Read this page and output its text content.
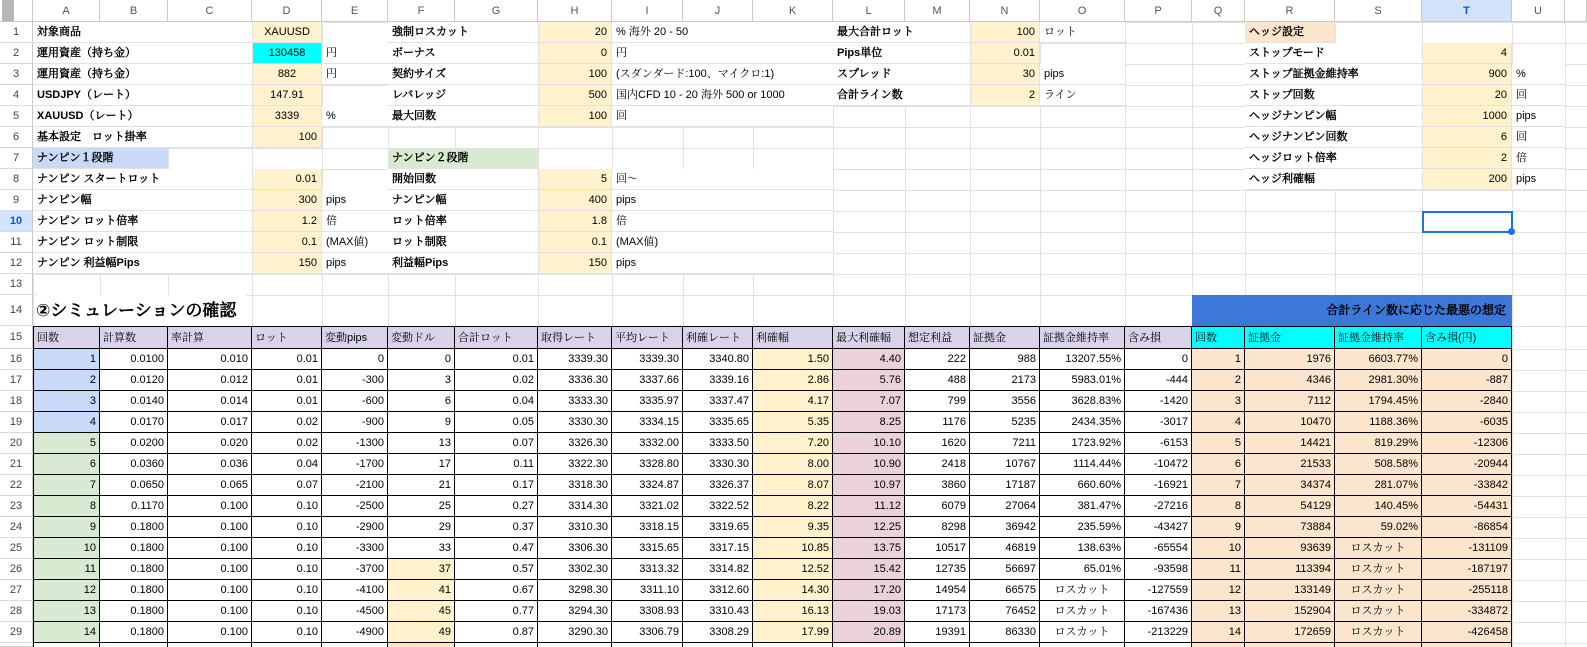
ナンピン１段階
対象商品	XAUUSD
運用資産（持ち金）	130458	円
運用資産（持ち金）	882	円
USDJPY（レート）	147.91
XAUUSD（レート）	3339	%
基本設定　ロット掛率	100
ナンピン スタートロット	0.01
ナンピン幅	300 pips
ナンピン ロット倍率	1.2 倍
ナンピン ロット制限	0.1 (MAX値)
ナンピン 利益幅Pips	150 pips
ナンピン２段階
強制ロスカット	20 % 海外 20 - 50
ボーナス	0 円
契約サイズ	100 (スダンダード:100、マイクロ:1)
レバレッジ	500 国内CFD 10 - 20 海外 500 or 1000
最大回数	100 回
開始回数	5 回〜
ナンピン幅	400 pips
ロット倍率	1.8 倍
ロット制限	0.1 (MAX値)
利益幅Pips	150 pips
最大合計ロット	100 ロット
Pips単位	0.01
スプレッド	30 pips
合計ライン数	2 ライン
ヘッジ設定
ストップモード	4
ストップ証拠金維持率	900 %
ストップ回数	20 回
ヘッジナンピン幅	1000 pips
ヘッジナンピン回数	6 回
ヘッジロット倍率	2 倍
ヘッジ利確幅	200 pips
回数	計算数	率計算	ロット	変動pips	変動ドル	合計ロット	取得レート	平均レート	利確レート	利確幅	最大利確幅	想定利益	証拠金	証拠金維持率	含み損	回数	証拠金	証拠金維持率	含み損(円)
1	0.0100	0.010	0.01	0	0	0.01	3339.30	3339.30	3340.80	1.50	4.40	222	988	13207.55%	0	1	1976	6603.77%	0
2	0.0120	0.012	0.01	-300	3	0.02	3336.30	3337.66	3339.16	2.86	5.76	488	2173	5983.01%	-444	2	4346	2981.30%	-887
3	0.0140	0.014	0.01	-600	6	0.04	3333.30	3335.97	3337.47	4.17	7.07	799	3556	3628.83%	-1420	3	7112	1794.45%	-2840
4	0.0170	0.017	0.02	-900	9	0.05	3330.30	3334.15	3335.65	5.35	8.25	1176	5235	2434.35%	-3017	4	10470	1188.36%	-6035
5	0.0200	0.020	0.02	-1300	13	0.07	3326.30	3332.00	3333.50	7.20	10.10	1620	7211	1723.92%	-6153	5	14421	819.29%	-12306
6	0.0360	0.036	0.04	-1700	17	0.11	3322.30	3328.80	3330.30	8.00	10.90	2418	10767	1114.44%	-10472	6	21533	508.58%	-20944
7	0.0650	0.065	0.07	-2100	21	0.17	3318.30	3324.87	3326.37	8.07	10.97	3860	17187	660.60%	-16921	7	34374	281.07%	-33842
8	0.1170	0.100	0.10	-2500	25	0.27	3314.30	3321.02	3322.52	8.22	11.12	6079	27064	381.47%	-27216	8	54129	140.45%	-54431
9	0.1800	0.100	0.10	-2900	29	0.37	3310.30	3318.15	3319.65	9.35	12.25	8298	36942	235.59%	-43427	9	73884	59.02%	-86854
10	0.1800	0.100	0.10	-3300	33	0.47	3306.30	3315.65	3317.15	10.85	13.75	10517	46819	138.63%	-65554	10	93639	ロスカット	-131109
11	0.1800	0.100	0.10	-3700	37	0.57	3302.30	3313.32	3314.82	12.52	15.42	12735	56697	65.01%	-93598	11	113394	ロスカット	-187197
12	0.1800	0.100	0.10	-4100	41	0.67	3298.30	3311.10	3312.60	14.30	17.20	14954	66575	ロスカット	-127559	12	133149	ロスカット	-255118
13	0.1800	0.100	0.10	-4500	45	0.77	3294.30	3308.93	3310.43	16.13	19.03	17173	76452	ロスカット	-167436	13	152904	ロスカット	-334872
14	0.1800	0.100	0.10	-4900	49	0.87	3290.30	3306.79	3308.29	17.99	20.89	19391	86330	ロスカット	-213229	14	172659	ロスカット	-426458
②シミュレーションの確認	合計ライン数に応じた最悪の想定
A	B	C	D	E	F	G	H	I	J	K	L	M	N	O	P	Q	R	S	T	U
1
2
3
4
5
6
7
8
9
10
11
12
13
14
15
16
17
18
19
20
21
22
23
24
25
26
27
28
29
